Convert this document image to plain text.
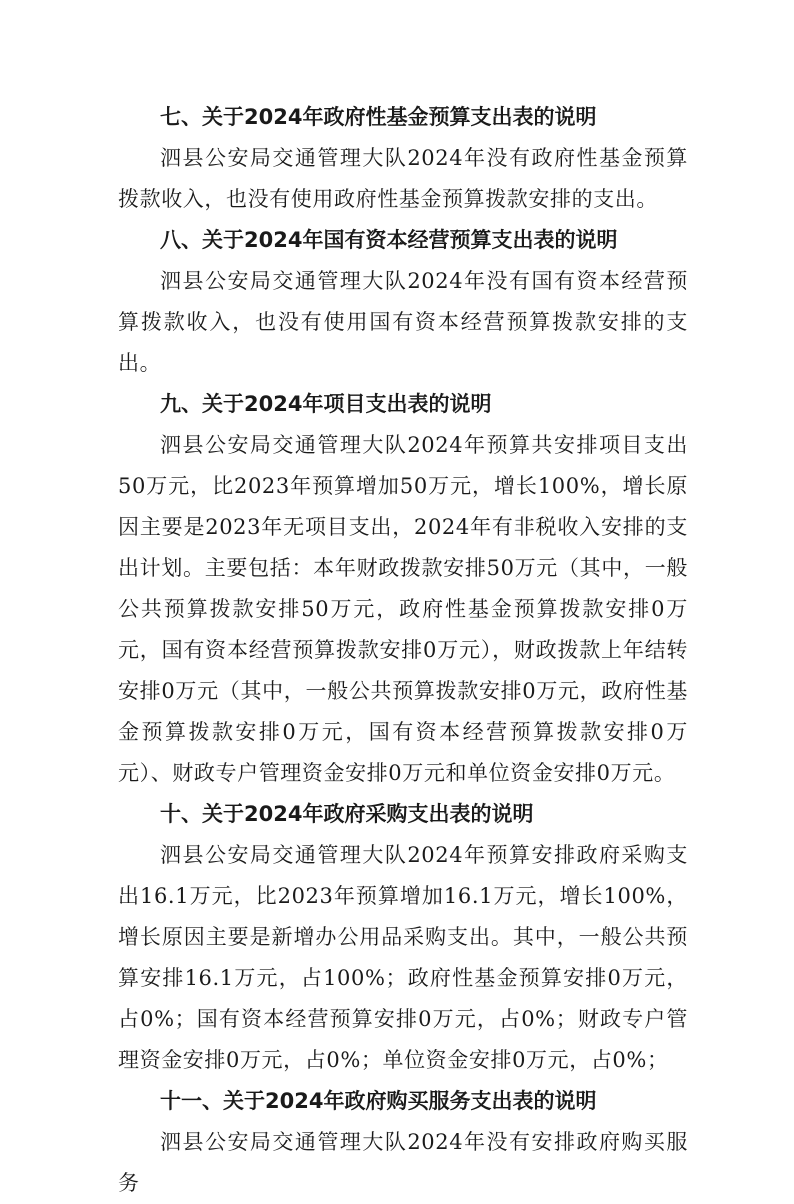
七、关于2024年政府性基金预算支出表的说明

泗县公安局交通管理大队2024年没有政府性基金预算拨款收入，也没有使用政府性基金预算拨款安排的支出。

八、关于2024年国有资本经营预算支出表的说明

泗县公安局交通管理大队2024年没有国有资本经营预算拨款收入，也没有使用国有资本经营预算拨款安排的支出。

九、关于2024年项目支出表的说明

泗县公安局交通管理大队2024年预算共安排项目支出50万元，比2023年预算增加50万元，增长100%，增长原因主要是2023年无项目支出，2024年有非税收入安排的支出计划。主要包括：本年财政拨款安排50万元（其中，一般公共预算拨款安排50万元，政府性基金预算拨款安排0万元，国有资本经营预算拨款安排0万元），财政拨款上年结转安排0万元（其中，一般公共预算拨款安排0万元，政府性基金预算拨款安排0万元，国有资本经营预算拨款安排0万元）、财政专户管理资金安排0万元和单位资金安排0万元。

十、关于2024年政府采购支出表的说明

泗县公安局交通管理大队2024年预算安排政府采购支出16.1万元，比2023年预算增加16.1万元，增长100%，增长原因主要是新增办公用品采购支出。其中，一般公共预算安排16.1万元，占100%；政府性基金预算安排0万元，占0%；国有资本经营预算安排0万元，占0%；财政专户管理资金安排0万元，占0%；单位资金安排0万元，占0%；

十一、关于2024年政府购买服务支出表的说明

泗县公安局交通管理大队2024年没有安排政府购买服务
